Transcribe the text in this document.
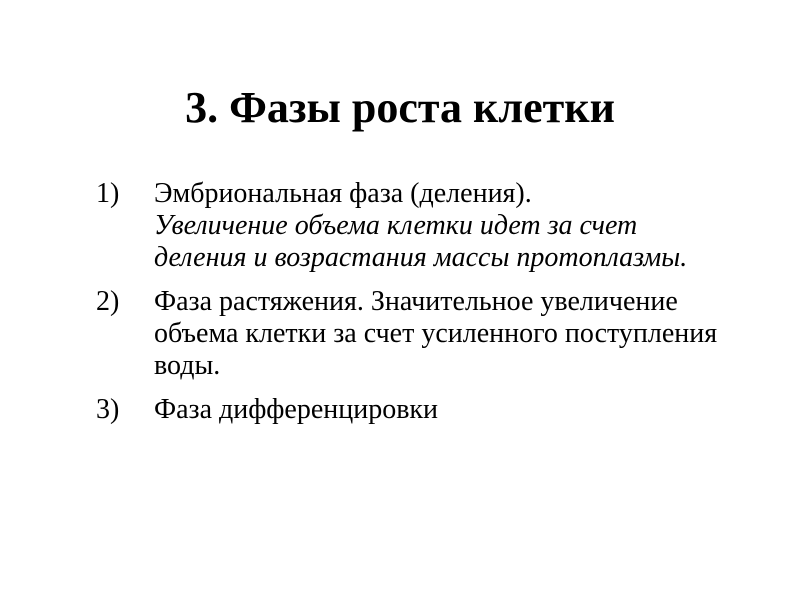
3. Фазы роста клетки
1)	Эмбриональная фаза (деления).
Увеличение объема клетки идет за счет деления и возрастания массы протоплазмы.
2)	Фаза растяжения. Значительное увеличение объема клетки за счет усиленного поступления воды.
3)	Фаза дифференцировки
